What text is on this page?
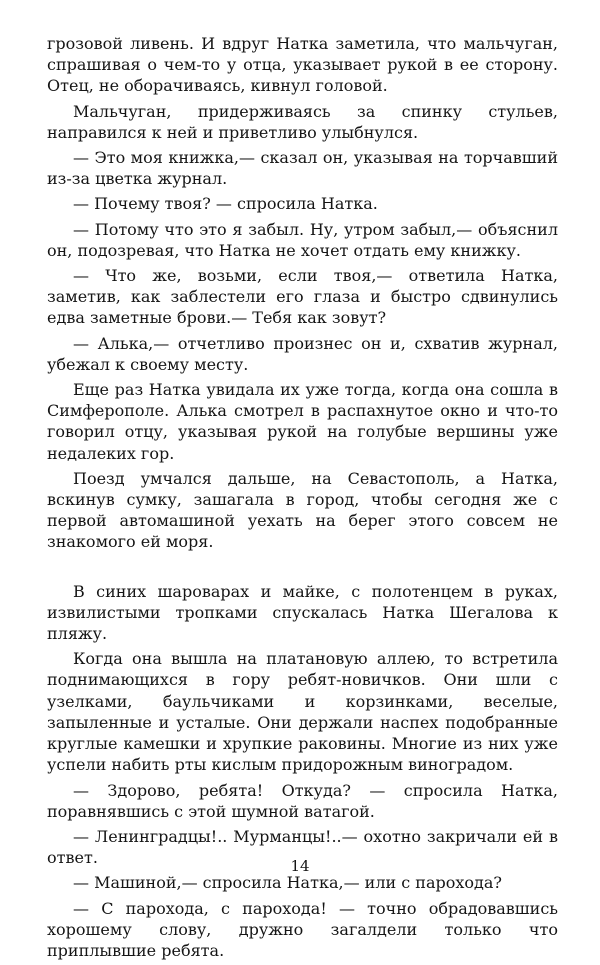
грозовой ливень. И вдруг Натка заметила, что мальчуган, спрашивая о чем-то у отца, указывает рукой в ее сторону. Отец, не оборачиваясь, кивнул головой.

Мальчуган, придерживаясь за спинку стульев, направился к ней и приветливо улыбнулся.

— Это моя книжка,— сказал он, указывая на торчавший из-за цветка журнал.

— Почему твоя? — спросила Натка.

— Потому что это я забыл. Ну, утром забыл,— объяснил он, подозревая, что Натка не хочет отдать ему книжку.

— Что же, возьми, если твоя,— ответила Натка, заметив, как заблестели его глаза и быстро сдвинулись едва заметные брови.— Тебя как зовут?

— Алька,— отчетливо произнес он и, схватив журнал, убежал к своему месту.

Еще раз Натка увидала их уже тогда, когда она сошла в Симферополе. Алька смотрел в распахнутое окно и что-то говорил отцу, указывая рукой на голубые вершины уже недалеких гор.

Поезд умчался дальше, на Севастополь, а Натка, вскинув сумку, зашагала в город, чтобы сегодня же с первой автомашиной уехать на берег этого совсем не знакомого ей моря.

В синих шароварах и майке, с полотенцем в руках, извилистыми тропками спускалась Натка Шегалова к пляжу.

Когда она вышла на платановую аллею, то встретила поднимающихся в гору ребят-новичков. Они шли с узелками, баульчиками и корзинками, веселые, запыленные и усталые. Они держали наспех подобранные круглые камешки и хрупкие раковины. Многие из них уже успели набить рты кислым придорожным виноградом.

— Здорово, ребята! Откуда? — спросила Натка, поравнявшись с этой шумной ватагой.

— Ленинградцы!.. Мурманцы!..— охотно закричали ей в ответ.

— Машиной,— спросила Натка,— или с парохода?

— С парохода, с парохода! — точно обрадовавшись хорошему слову, дружно загалдели только что приплывшие ребята.

14
